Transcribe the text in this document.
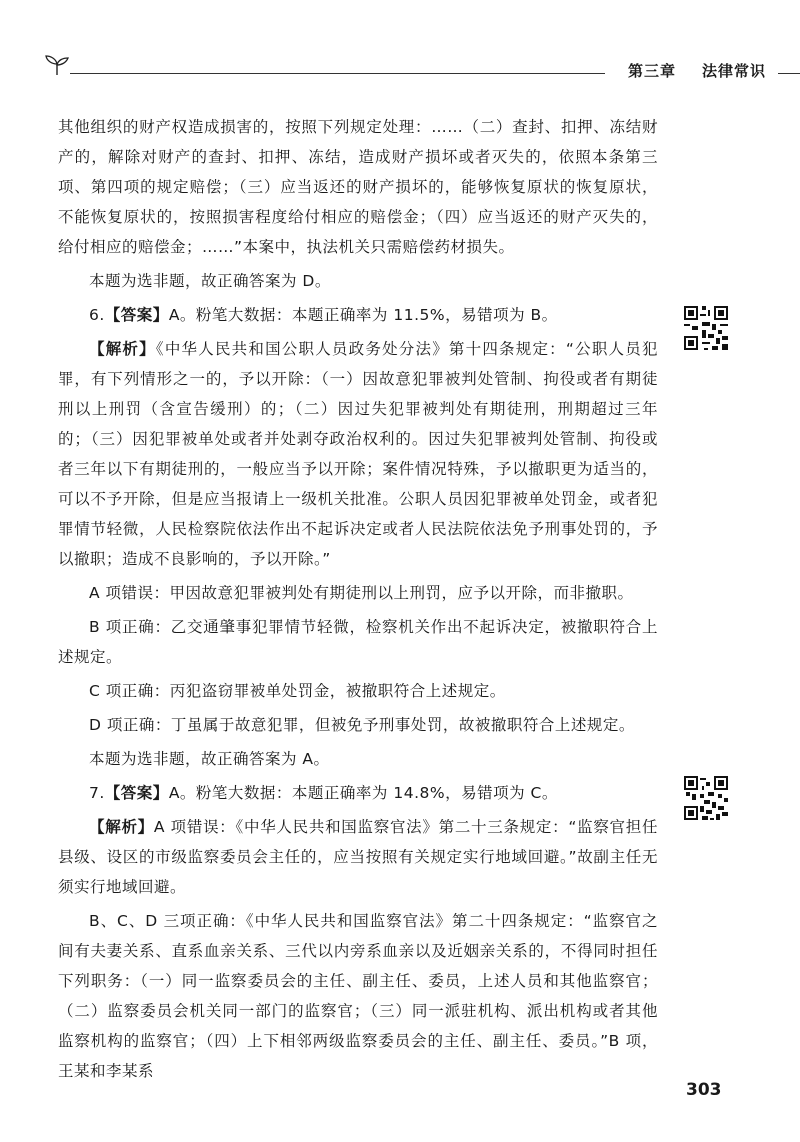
第三章 法律常识

其他组织的财产权造成损害的，按照下列规定处理：……（二）查封、扣押、冻结财产的，解除对财产的查封、扣押、冻结，造成财产损坏或者灭失的，依照本条第三项、第四项的规定赔偿；（三）应当返还的财产损坏的，能够恢复原状的恢复原状，不能恢复原状的，按照损害程度给付相应的赔偿金；（四）应当返还的财产灭失的，给付相应的赔偿金；……”本案中，执法机关只需赔偿药材损失。

本题为选非题，故正确答案为 D。

6.【答案】A。粉笔大数据：本题正确率为 11.5%，易错项为 B。

【解析】《中华人民共和国公职人员政务处分法》第十四条规定：“公职人员犯罪，有下列情形之一的，予以开除：（一）因故意犯罪被判处管制、拘役或者有期徒刑以上刑罚（含宣告缓刑）的；（二）因过失犯罪被判处有期徒刑，刑期超过三年的；（三）因犯罪被单处或者并处剥夺政治权利的。因过失犯罪被判处管制、拘役或者三年以下有期徒刑的，一般应当予以开除；案件情况特殊，予以撤职更为适当的，可以不予开除，但是应当报请上一级机关批准。公职人员因犯罪被单处罚金，或者犯罪情节轻微，人民检察院依法作出不起诉决定或者人民法院依法免予刑事处罚的，予以撤职；造成不良影响的，予以开除。”

A 项错误：甲因故意犯罪被判处有期徒刑以上刑罚，应予以开除，而非撤职。

B 项正确：乙交通肇事犯罪情节轻微，检察机关作出不起诉决定，被撤职符合上述规定。

C 项正确：丙犯盗窃罪被单处罚金，被撤职符合上述规定。

D 项正确：丁虽属于故意犯罪，但被免予刑事处罚，故被撤职符合上述规定。

本题为选非题，故正确答案为 A。

7.【答案】A。粉笔大数据：本题正确率为 14.8%，易错项为 C。

【解析】A 项错误：《中华人民共和国监察官法》第二十三条规定：“监察官担任县级、设区的市级监察委员会主任的，应当按照有关规定实行地域回避。”故副主任无须实行地域回避。

B、C、D 三项正确：《中华人民共和国监察官法》第二十四条规定：“监察官之间有夫妻关系、直系血亲关系、三代以内旁系血亲以及近姻亲关系的，不得同时担任下列职务：（一）同一监察委员会的主任、副主任、委员，上述人员和其他监察官；（二）监察委员会机关同一部门的监察官；（三）同一派驻机构、派出机构或者其他监察机构的监察官；（四）上下相邻两级监察委员会的主任、副主任、委员。”B 项，王某和李某系

303
